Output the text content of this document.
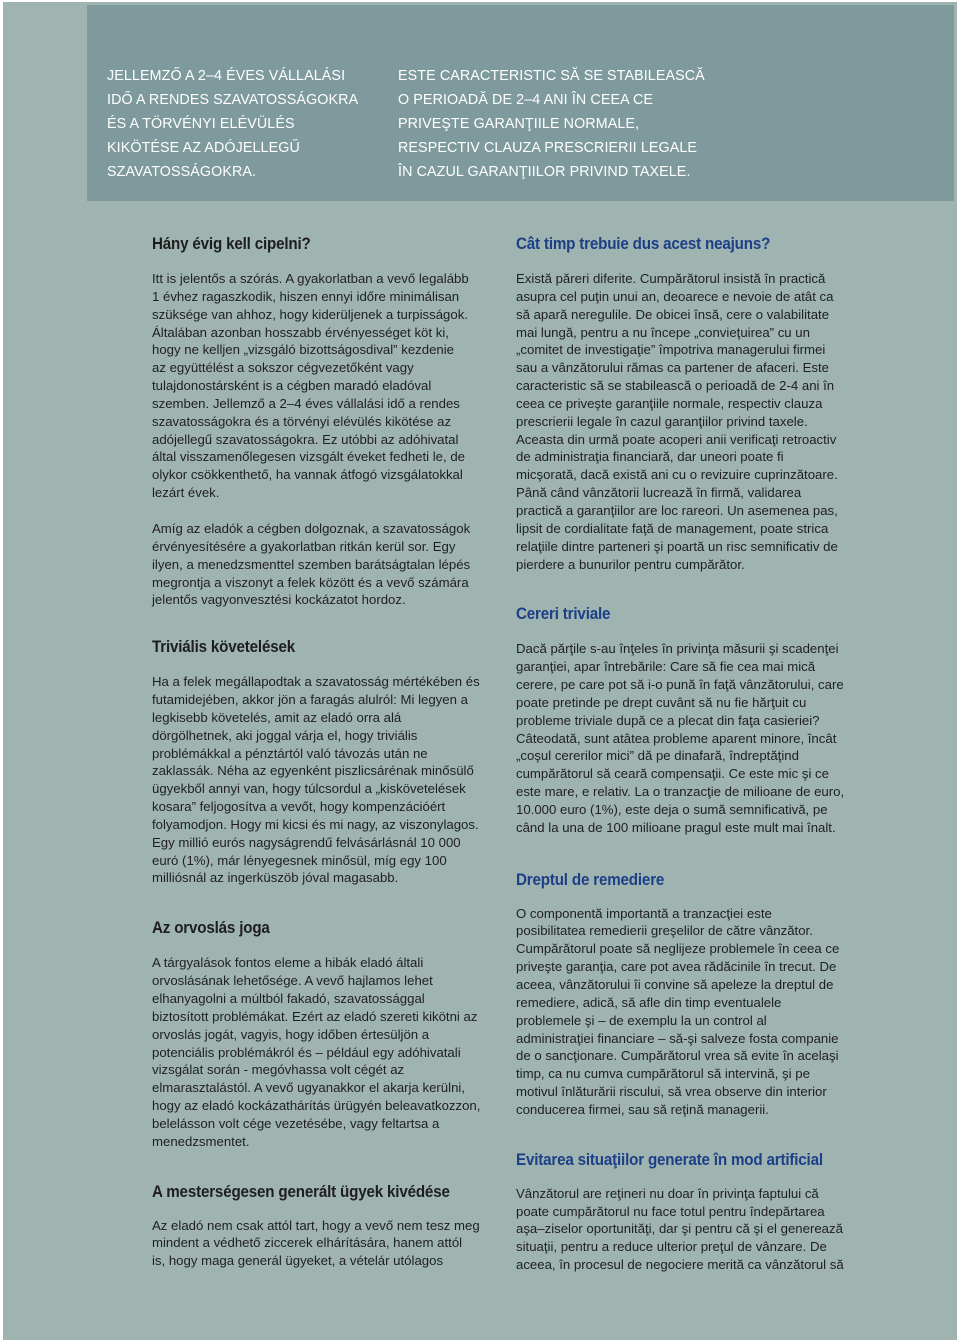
JELLEMZŐ A 2–4 ÉVES VÁLLALÁSI
IDŐ A RENDES SZAVATOSSÁGOKRA
ÉS A TÖRVÉNYI ELÉVÜLÉS
KIKÖTÉSE AZ ADÓJELLEGŰ
SZAVATOSSÁGOKRA.
ESTE CARACTERISTIC SĂ SE STABILEASCĂ
O PERIOADĂ DE 2–4 ANI ÎN CEEA CE
PRIVEŞTE GARANŢIILE NORMALE,
RESPECTIV CLAUZA PRESCRIERII LEGALE
ÎN CAZUL GARANŢIILOR PRIVIND TAXELE.
Hány évig kell cipelni?

Itt is jelentős a szórás. A gyakorlatban a vevő legalább
1 évhez ragaszkodik, hiszen ennyi időre minimálisan
szüksége van ahhoz, hogy kiderüljenek a turpisságok.
Általában azonban hosszabb érvényességet köt ki,
hogy ne kelljen „vizsgáló bizottságosdival” kezdenie
az együttélést a sokszor cégvezetőként vagy
tulajdonostársként is a cégben maradó eladóval
szemben. Jellemző a 2–4 éves vállalási idő a rendes
szavatosságokra és a törvényi elévülés kikötése az
adójellegű szavatosságokra. Ez utóbbi az adóhivatal
által visszamenőlegesen vizsgált éveket fedheti le, de
olykor csökkenthető, ha vannak átfogó vizsgálatokkal
lezárt évek.

Amíg az eladók a cégben dolgoznak, a szavatosságok
érvényesítésére a gyakorlatban ritkán kerül sor. Egy
ilyen, a menedzsmenttel szemben barátságtalan lépés
megrontja a viszonyt a felek között és a vevő számára
jelentős vagyonvesztési kockázatot hordoz.

Triviális követelések

Ha a felek megállapodtak a szavatosság mértékében és
futamidejében, akkor jön a faragás alulról: Mi legyen a
legkisebb követelés, amit az eladó orra alá
dörgölhetnek, aki joggal várja el, hogy triviális
problémákkal a pénztártól való távozás után ne
zaklassák. Néha az egyenként piszlicsárénak minősülő
ügyekből annyi van, hogy túlcsordul a „kiskövetelések
kosara” feljogosítva a vevőt, hogy kompenzációért
folyamodjon. Hogy mi kicsi és mi nagy, az viszonylagos.
Egy millió eurós nagyságrendű felvásárlásnál 10 000
euró (1%), már lényegesnek minősül, míg egy 100
milliósnál az ingerküszöb jóval magasabb.

Az orvoslás joga

A tárgyalások fontos eleme a hibák eladó általi
orvoslásának lehetősége. A vevő hajlamos lehet
elhanyagolni a múltból fakadó, szavatossággal
biztosított problémákat. Ezért az eladó szereti kikötni az
orvoslás jogát, vagyis, hogy időben értesüljön a
potenciális problémákról és – például egy adóhivatali
vizsgálat során - megóvhassa volt cégét az
elmarasztalástól. A vevő ugyanakkor el akarja kerülni,
hogy az eladó kockázathárítás ürügyén beleavatkozzon,
belelásson volt cége vezetésébe, vagy feltartsa a
menedzsmentet.

A mesterségesen generált ügyek kivédése

Az eladó nem csak attól tart, hogy a vevő nem tesz meg
mindent a védhető ziccerek elhárítására, hanem attól
is, hogy maga generál ügyeket, a vételár utólagos

Cât timp trebuie dus acest neajuns?

Există păreri diferite. Cumpărătorul insistă în practică
asupra cel puţin unui an, deoarece e nevoie de atât ca
să apară neregulile. De obicei însă, cere o valabilitate
mai lungă, pentru a nu începe „convieţuirea” cu un
„comitet de investigaţie” împotriva managerului firmei
sau a vânzătorului rămas ca partener de afaceri. Este
caracteristic să se stabilească o perioadă de 2-4 ani în
ceea ce priveşte garanţiile normale, respectiv clauza
prescrierii legale în cazul garanţiilor privind taxele.
Aceasta din urmă poate acoperi anii verificaţi retroactiv
de administraţia financiară, dar uneori poate fi
micşorată, dacă există ani cu o revizuire cuprinzătoare.
Până când vânzătorii lucrează în firmă, validarea
practică a garanţiilor are loc rareori. Un asemenea pas,
lipsit de cordialitate faţă de management, poate strica
relaţiile dintre parteneri şi poartă un risc semnificativ de
pierdere a bunurilor pentru cumpărător.

Cereri triviale

Dacă părţile s-au înţeles în privinţa măsurii şi scadenţei
garanţiei, apar întrebările: Care să fie cea mai mică
cerere, pe care pot să i-o pună în faţă vânzătorului, care
poate pretinde pe drept cuvânt să nu fie hărţuit cu
probleme triviale după ce a plecat din faţa casieriei?
Câteodată, sunt atâtea probleme aparent minore, încât
„coşul cererilor mici” dă pe dinafară, îndreptăţind
cumpărătorul să ceară compensaţii. Ce este mic şi ce
este mare, e relativ. La o tranzacţie de milioane de euro,
10.000 euro (1%), este deja o sumă semnificativă, pe
când la una de 100 milioane pragul este mult mai înalt.

Dreptul de remediere

O componentă importantă a tranzacţiei este
posibilitatea remedierii greşelilor de către vânzător.
Cumpărătorul poate să neglijeze problemele în ceea ce
priveşte garanţia, care pot avea rădăcinile în trecut. De
aceea, vânzătorului îi convine să apeleze la dreptul de
remediere, adică, să afle din timp eventualele
problemele şi – de exemplu la un control al
administraţiei financiare – să-şi salveze fosta companie
de o sancţionare. Cumpărătorul vrea să evite în acelaşi
timp, ca nu cumva cumpărătorul să intervină, şi pe
motivul înlăturării riscului, să vrea observe din interior
conducerea firmei, sau să reţină managerii.

Evitarea situaţiilor generate în mod artificial

Vânzătorul are reţineri nu doar în privinţa faptului că
poate cumpărătorul nu face totul pentru îndepărtarea
aşa–ziselor oportunităţi, dar şi pentru că şi el generează
situaţii, pentru a reduce ulterior preţul de vânzare. De
aceea, în procesul de negociere merită ca vânzătorul să
